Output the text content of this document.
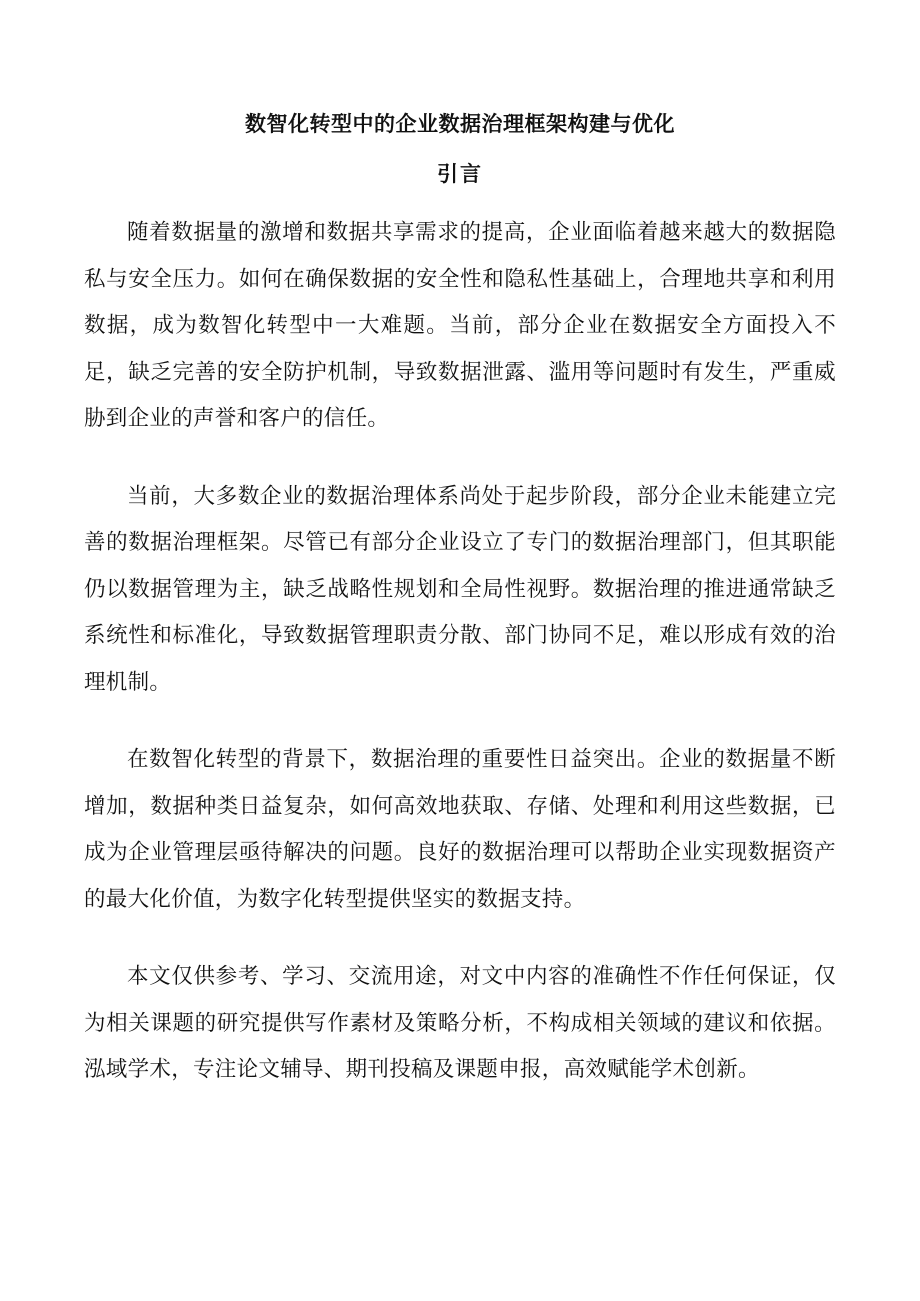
数智化转型中的企业数据治理框架构建与优化
引言

随着数据量的激增和数据共享需求的提高，企业面临着越来越大的数据隐私与安全压力。如何在确保数据的安全性和隐私性基础上，合理地共享和利用数据，成为数智化转型中一大难题。当前，部分企业在数据安全方面投入不足，缺乏完善的安全防护机制，导致数据泄露、滥用等问题时有发生，严重威胁到企业的声誉和客户的信任。

当前，大多数企业的数据治理体系尚处于起步阶段，部分企业未能建立完善的数据治理框架。尽管已有部分企业设立了专门的数据治理部门，但其职能仍以数据管理为主，缺乏战略性规划和全局性视野。数据治理的推进通常缺乏系统性和标准化，导致数据管理职责分散、部门协同不足，难以形成有效的治理机制。

在数智化转型的背景下，数据治理的重要性日益突出。企业的数据量不断增加，数据种类日益复杂，如何高效地获取、存储、处理和利用这些数据，已成为企业管理层亟待解决的问题。良好的数据治理可以帮助企业实现数据资产的最大化价值，为数字化转型提供坚实的数据支持。

本文仅供参考、学习、交流用途，对文中内容的准确性不作任何保证，仅为相关课题的研究提供写作素材及策略分析，不构成相关领域的建议和依据。泓域学术，专注论文辅导、期刊投稿及课题申报，高效赋能学术创新。
